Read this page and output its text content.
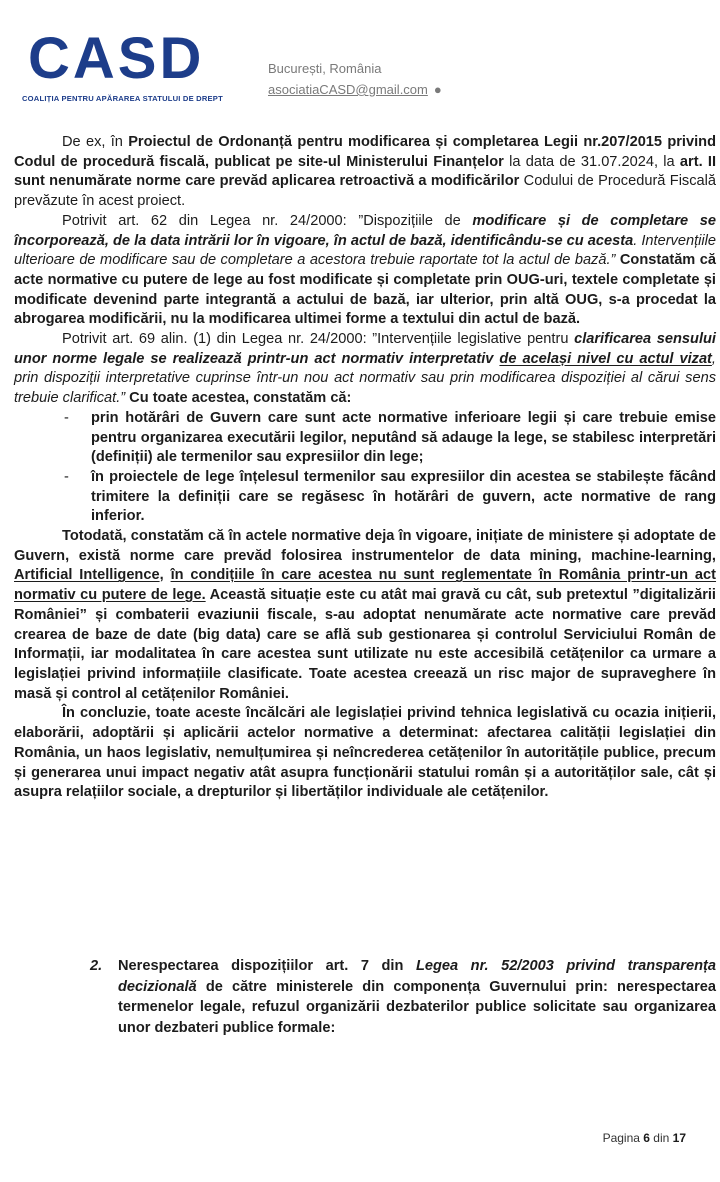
CASD
COALIȚIA PENTRU APĂRAREA STATULUI DE DREPT
București, România
asociatiaCASD@gmail.com ●

De ex, în Proiectul de Ordonanță pentru modificarea și completarea Legii nr.207/2015 privind Codul de procedură fiscală, publicat pe site-ul Ministerului Finanțelor la data de 31.07.2024, la art. II sunt nenumărate norme care prevăd aplicarea retroactivă a modificărilor Codului de Procedură Fiscală prevăzute în acest proiect.

Potrivit art. 62 din Legea nr. 24/2000: ”Dispozițiile de modificare și de completare se încorporează, de la data intrării lor în vigoare, în actul de bază, identificându-se cu acesta. Intervențiile ulterioare de modificare sau de completare a acestora trebuie raportate tot la actul de bază.” Constatăm că acte normative cu putere de lege au fost modificate și completate prin OUG-uri, textele completate și modificate devenind parte integrantă a actului de bază, iar ulterior, prin altă OUG, s-a procedat la abrogarea modificării, nu la modificarea ultimei forme a textului din actul de bază.

Potrivit art. 69 alin. (1) din Legea nr. 24/2000: ”Intervențiile legislative pentru clarificarea sensului unor norme legale se realizează printr-un act normativ interpretativ de același nivel cu actul vizat, prin dispoziții interpretative cuprinse într-un nou act normativ sau prin modificarea dispoziției al cărui sens trebuie clarificat.” Cu toate acestea, constatăm că:

- prin hotărâri de Guvern care sunt acte normative inferioare legii și care trebuie emise pentru organizarea executării legilor, neputând să adauge la lege, se stabilesc interpretări (definiții) ale termenilor sau expresiilor din lege;
- în proiectele de lege înțelesul termenilor sau expresiilor din acestea se stabilește făcând trimitere la definiții care se regăsesc în hotărâri de guvern, acte normative de rang inferior.

Totodată, constatăm că în actele normative deja în vigoare, inițiate de ministere și adoptate de Guvern, există norme care prevăd folosirea instrumentelor de data mining, machine-learning, Artificial Intelligence, în condițiile în care acestea nu sunt reglementate în România printr-un act normativ cu putere de lege. Această situație este cu atât mai gravă cu cât, sub pretextul ”digitalizării României” și combaterii evaziunii fiscale, s-au adoptat nenumărate acte normative care prevăd crearea de baze de date (big data) care se află sub gestionarea și controlul Serviciului Român de Informații, iar modalitatea în care acestea sunt utilizate nu este accesibilă cetățenilor ca urmare a legislației privind informațiile clasificate. Toate acestea creează un risc major de supraveghere în masă și control al cetățenilor României.

În concluzie, toate aceste încălcări ale legislației privind tehnica legislativă cu ocazia inițierii, elaborării, adoptării și aplicării actelor normative a determinat: afectarea calității legislației din România, un haos legislativ, nemulțumirea și neîncrederea cetățenilor în autoritățile publice, precum și generarea unui impact negativ atât asupra funcționării statului român și a autorităților sale, cât și asupra relațiilor sociale, a drepturilor și libertăților individuale ale cetățenilor.

2.	Nerespectarea dispozițiilor art. 7 din Legea nr. 52/2003 privind transparența decizională de către ministerele din componența Guvernului prin: nerespectarea termenelor legale, refuzul organizării dezbaterilor publice solicitate sau organizarea unor dezbateri publice formale:
Pagina 6 din 17
